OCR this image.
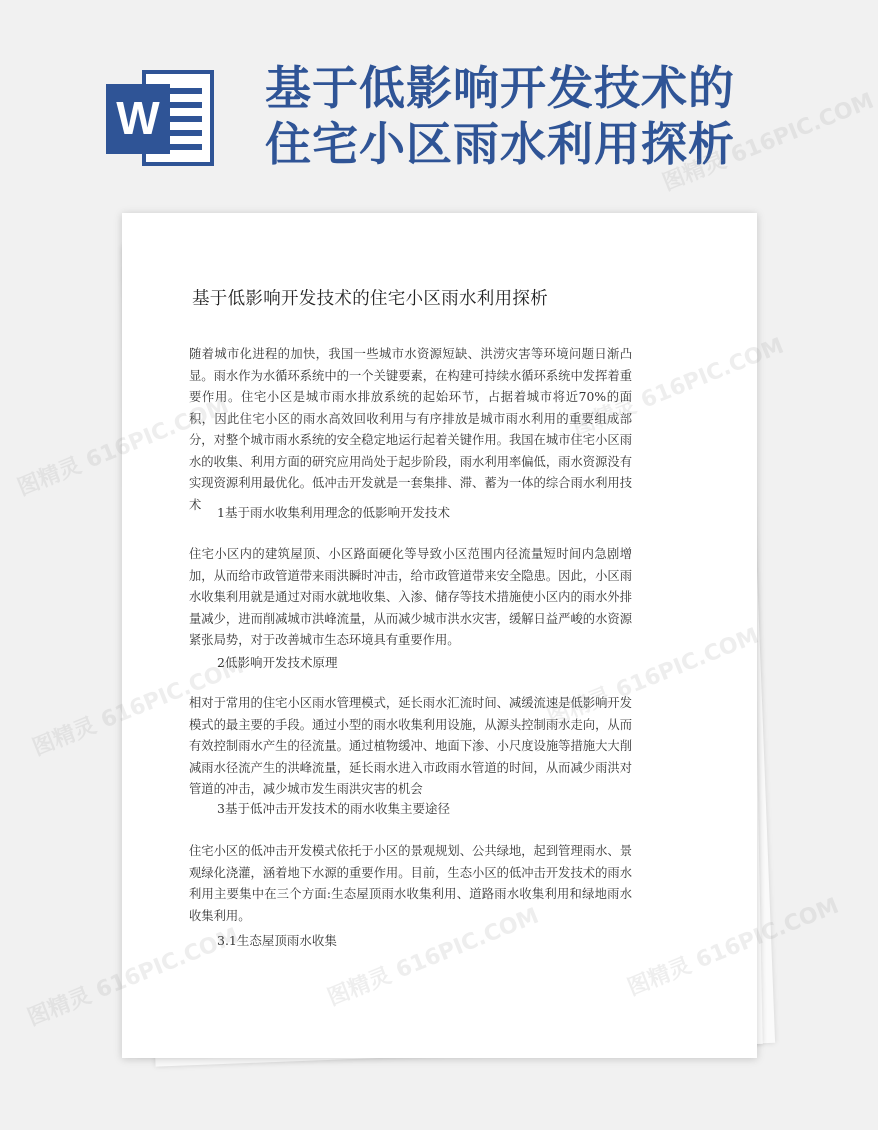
W
基于低影响开发技术的
住宅小区雨水利用探析
基于低影响开发技术的住宅小区雨水利用探析
随着城市化进程的加快，我国一些城市水资源短缺、洪涝灾害等环境问题日渐凸显。雨水作为水循环系统中的一个关键要素，在构建可持续水循环系统中发挥着重要作用。住宅小区是城市雨水排放系统的起始环节，占据着城市将近70%的面积，因此住宅小区的雨水高效回收利用与有序排放是城市雨水利用的重要组成部分，对整个城市雨水系统的安全稳定地运行起着关键作用。我国在城市住宅小区雨水的收集、利用方面的研究应用尚处于起步阶段，雨水利用率偏低，雨水资源没有实现资源利用最优化。低冲击开发就是一套集排、滞、蓄为一体的综合雨水利用技术
1基于雨水收集利用理念的低影响开发技术
住宅小区内的建筑屋顶、小区路面硬化等导致小区范围内径流量短时间内急剧增加，从而给市政管道带来雨洪瞬时冲击，给市政管道带来安全隐患。因此，小区雨水收集利用就是通过对雨水就地收集、入渗、储存等技术措施使小区内的雨水外排量减少，进而削减城市洪峰流量，从而减少城市洪水灾害，缓解日益严峻的水资源紧张局势，对于改善城市生态环境具有重要作用。
2低影响开发技术原理
相对于常用的住宅小区雨水管理模式，延长雨水汇流时间、减缓流速是低影响开发模式的最主要的手段。通过小型的雨水收集利用设施，从源头控制雨水走向，从而有效控制雨水产生的径流量。通过植物缓冲、地面下渗、小尺度设施等措施大大削减雨水径流产生的洪峰流量，延长雨水进入市政雨水管道的时间，从而减少雨洪对管道的冲击，减少城市发生雨洪灾害的机会
3基于低冲击开发技术的雨水收集主要途径
住宅小区的低冲击开发模式依托于小区的景观规划、公共绿地，起到管理雨水、景观绿化浇灌，涵着地下水源的重要作用。目前，生态小区的低冲击开发技术的雨水利用主要集中在三个方面:生态屋顶雨水收集利用、道路雨水收集利用和绿地雨水收集利用。
3.1生态屋顶雨水收集
图精灵 616PIC.COM
图精灵
图精灵
图精灵
